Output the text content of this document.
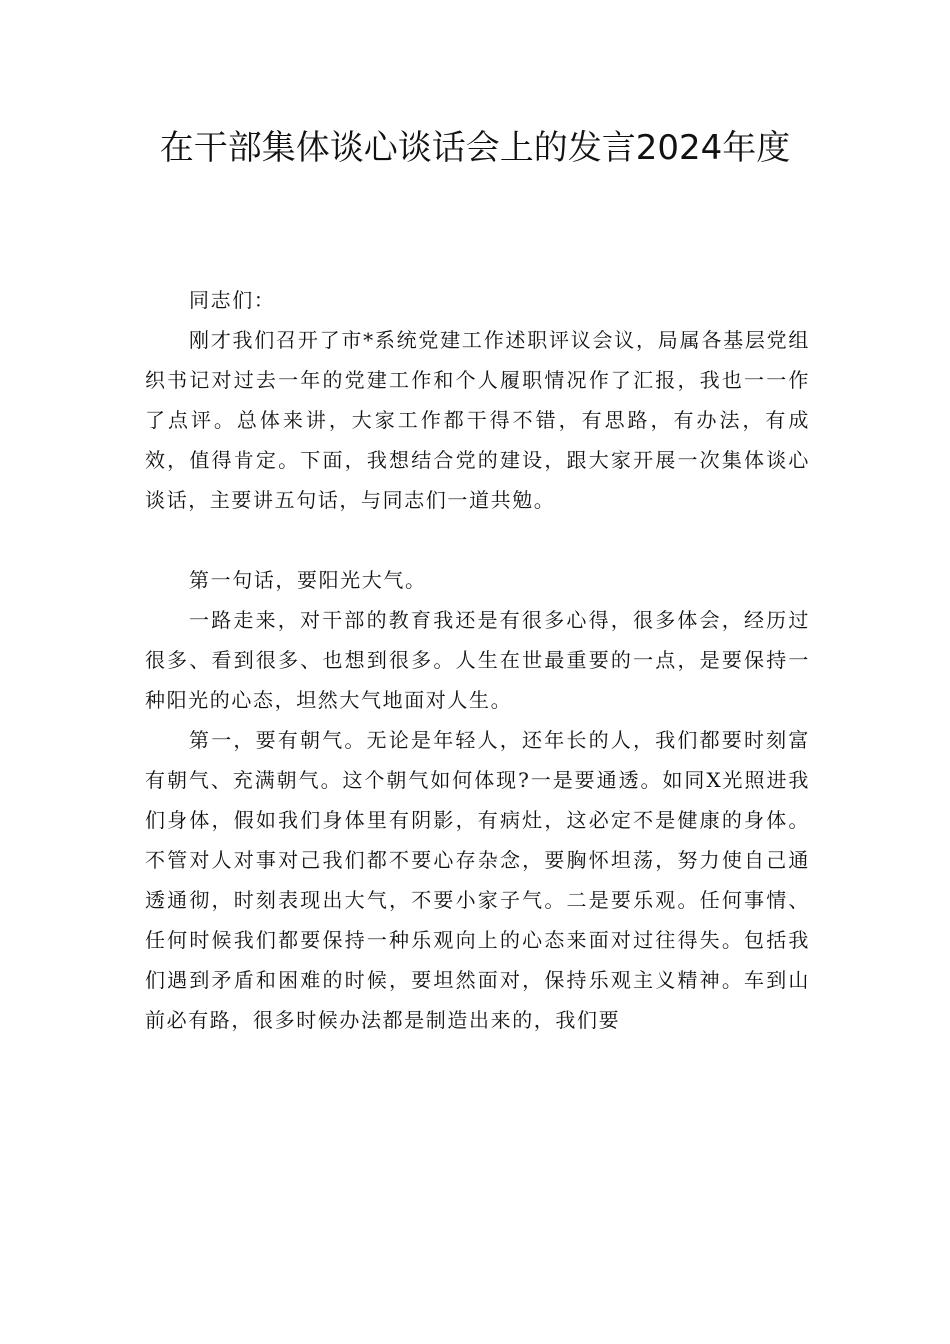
在干部集体谈心谈话会上的发言2024年度

同志们：

刚才我们召开了市*系统党建工作述职评议会议，局属各基层党组织书记对过去一年的党建工作和个人履职情况作了汇报，我也一一作了点评。总体来讲，大家工作都干得不错，有思路，有办法，有成效，值得肯定。下面，我想结合党的建设，跟大家开展一次集体谈心谈话，主要讲五句话，与同志们一道共勉。

第一句话，要阳光大气。

一路走来，对干部的教育我还是有很多心得，很多体会，经历过很多、看到很多、也想到很多。人生在世最重要的一点，是要保持一种阳光的心态，坦然大气地面对人生。

第一，要有朝气。无论是年轻人，还年长的人，我们都要时刻富有朝气、充满朝气。这个朝气如何体现?一是要通透。如同X光照进我们身体，假如我们身体里有阴影，有病灶，这必定不是健康的身体。不管对人对事对己我们都不要心存杂念，要胸怀坦荡，努力使自己通透通彻，时刻表现出大气，不要小家子气。二是要乐观。任何事情、任何时候我们都要保持一种乐观向上的心态来面对过往得失。包括我们遇到矛盾和困难的时候，要坦然面对，保持乐观主义精神。车到山前必有路，很多时候办法都是制造出来的，我们要
